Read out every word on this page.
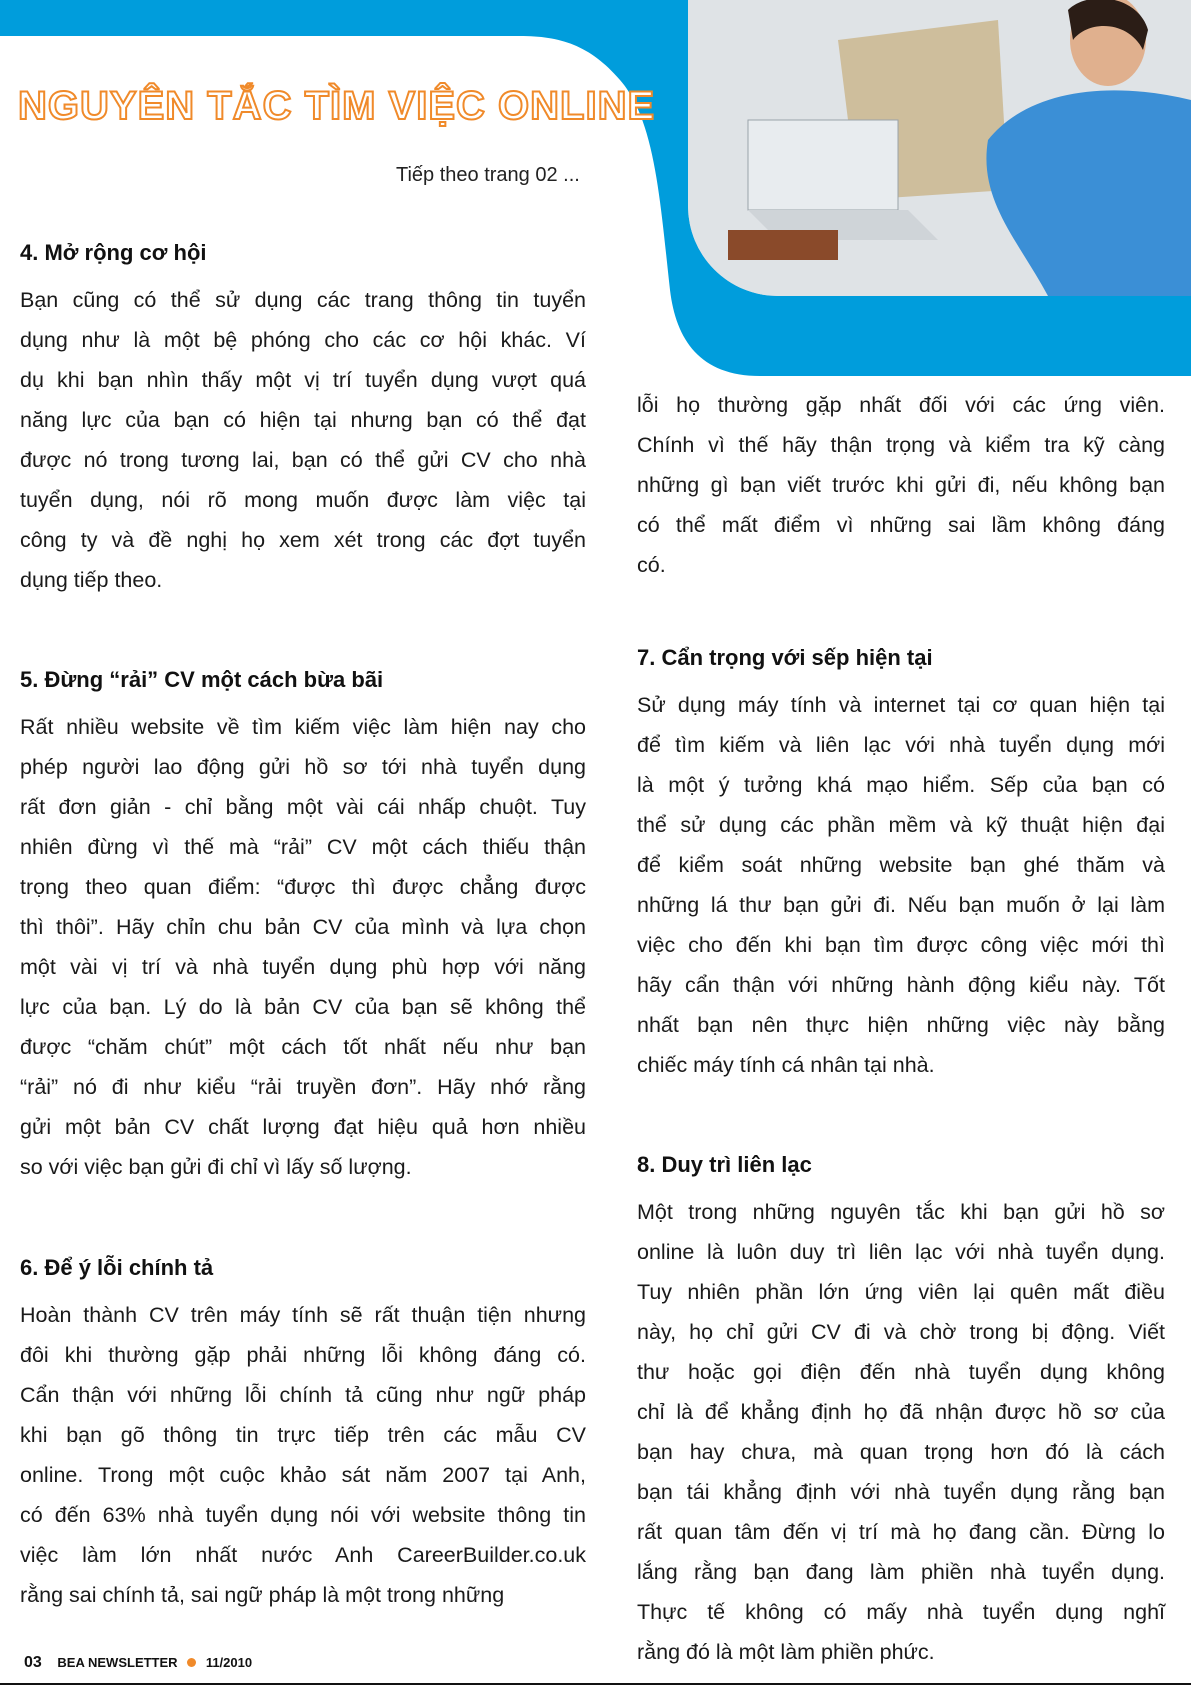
NGUYÊN TẮC TÌM VIỆC ONLINE
Tiếp theo trang 02 ...
4. Mở rộng cơ hội
Bạn cũng có thể sử dụng các trang thông tin tuyển
dụng như là một bệ phóng cho các cơ hội khác. Ví
dụ khi bạn nhìn thấy một vị trí tuyển dụng vượt quá
năng lực của bạn có hiện tại nhưng bạn có thể đạt
được nó trong tương lai, bạn có thể gửi CV cho nhà
tuyển dụng, nói rõ mong muốn được làm việc tại
công ty và đề nghị họ xem xét trong các đợt tuyển
dụng tiếp theo.
5. Đừng “rải” CV một cách bừa bãi
Rất nhiều website về tìm kiếm việc làm hiện nay cho
phép người lao động gửi hồ sơ tới nhà tuyển dụng
rất đơn giản - chỉ bằng một vài cái nhấp chuột. Tuy
nhiên đừng vì thế mà “rải” CV một cách thiếu thận
trọng theo quan điểm: “được thì được chẳng được
thì thôi”. Hãy chỉn chu bản CV của mình và lựa chọn
một vài vị trí và nhà tuyển dụng phù hợp với năng
lực của bạn. Lý do là bản CV của bạn sẽ không thể
được “chăm chút” một cách tốt nhất nếu như bạn
“rải” nó đi như kiểu “rải truyền đơn”. Hãy nhớ rằng
gửi một bản CV chất lượng đạt hiệu quả hơn nhiều
so với việc bạn gửi đi chỉ vì lấy số lượng.
6. Để ý lỗi chính tả
Hoàn thành CV trên máy tính sẽ rất thuận tiện nhưng
đôi khi thường gặp phải những lỗi không đáng có.
Cẩn thận với những lỗi chính tả cũng như ngữ pháp
khi bạn gõ thông tin trực tiếp trên các mẫu CV
online. Trong một cuộc khảo sát năm 2007 tại Anh,
có đến 63% nhà tuyển dụng nói với website thông tin
việc làm lớn nhất nước Anh CareerBuilder.co.uk
rằng sai chính tả, sai ngữ pháp là một trong những
lỗi họ thường gặp nhất đối với các ứng viên.
Chính vì thế hãy thận trọng và kiểm tra kỹ càng
những gì bạn viết trước khi gửi đi, nếu không bạn
có thể mất điểm vì những sai lầm không đáng
có.
7. Cẩn trọng với sếp hiện tại
Sử dụng máy tính và internet tại cơ quan hiện tại
để tìm kiếm và liên lạc với nhà tuyển dụng mới
là một ý tưởng khá mạo hiểm. Sếp của bạn có
thể sử dụng các phần mềm và kỹ thuật hiện đại
để kiểm soát những website bạn ghé thăm và
những lá thư bạn gửi đi. Nếu bạn muốn ở lại làm
việc cho đến khi bạn tìm được công việc mới thì
hãy cẩn thận với những hành động kiểu này. Tốt
nhất bạn nên thực hiện những việc này bằng
chiếc máy tính cá nhân tại nhà.
8. Duy trì liên lạc
Một trong những nguyên tắc khi bạn gửi hồ sơ
online là luôn duy trì liên lạc với nhà tuyển dụng.
Tuy nhiên phần lớn ứng viên lại quên mất điều
này, họ chỉ gửi CV đi và chờ trong bị động. Viết
thư hoặc gọi điện đến nhà tuyển dụng không
chỉ là để khẳng định họ đã nhận được hồ sơ của
bạn hay chưa, mà quan trọng hơn đó là cách
bạn tái khẳng định với nhà tuyển dụng rằng bạn
rất quan tâm đến vị trí mà họ đang cần. Đừng lo
lắng rằng bạn đang làm phiền nhà tuyển dụng.
Thực tế không có mấy nhà tuyển dụng nghĩ
rằng đó là một làm phiền phức.
03 BEA NEWSLETTER 11/2010
